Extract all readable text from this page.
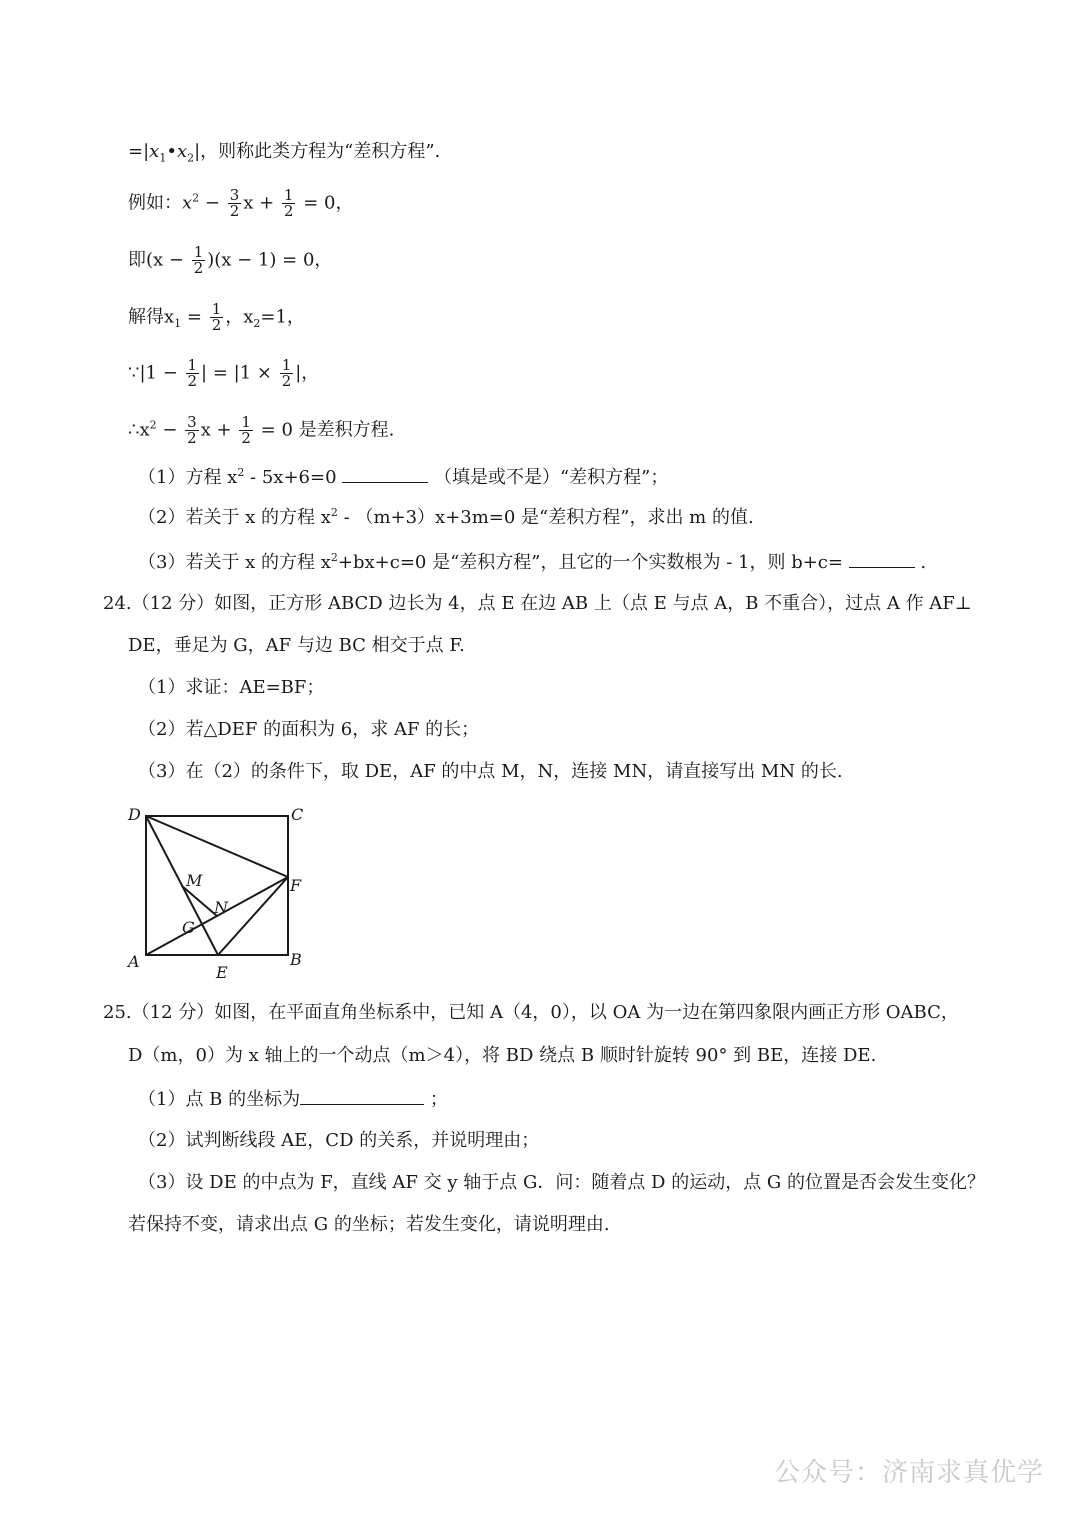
$=|x_1•x_2|$，则称此类方程为“差积方程”.
例如：$x^2 - \frac{3}{2}$ $x + \frac{1}{2} = 0$，
即$(x - \frac{1}{2} )(x - 1) = 0$，
解得$x_1 = \frac{1}{2}$ ，$x_2=1$，
∵|1 − $\frac{1}{2}$ | = $|1 \times \frac{1}{2}$ |，
$\therefore x^2 - \frac{3}{2}$ $x + \frac{1}{2} = 0$ 是差积方程.
（1）方程 $x^2 - 5x+6=0$	（填是或不是）“差积方程”；
（2）若关于 x 的方程 $x^2 - (m+3)x+3m=0$ 是“差积方程”，求出 m 的值.
（3）若关于 x 的方程 $x^2+bx+c=0$ 是“差积方程”，且它的一个实数根为 - 1，则 b+c=	.
24.（12 分）如图，正方形 ABCD 边长为 4，点 E 在边 AB 上（点 E 与点 A，B 不重合），过点 A 作 AF⊥
DE，垂足为 G，AF 与边 BC 相交于点 F.
（1）求证：AE=BF；
（2）若△DEF 的面积为 6，求 AF 的长；
（3）在（2）的条件下，取 DE，AF 的中点 M，N，连接 MN，请直接写出 MN 的长.
D	C
M	F
N
G
A
E
B
25.（12 分）如图，在平面直角坐标系中，已知 A（4，0），以 OA 为一边在第四象限内画正方形 OABC，
D（m，0）为 x 轴上的一个动点（m＞4），将 BD 绕点 B 顺时针旋转 90° 到 BE，连接 DE.
（1）点 B 的坐标为	；
（2）试判断线段 AE，CD 的关系，并说明理由；
（3）设 DE 的中点为 F，直线 AF 交 y 轴于点 G．问：随着点 D 的运动，点 G 的位置是否会发生变化？
若保持不变，请求出点 G 的坐标；若发生变化，请说明理由.
公众号：济南求真优学
